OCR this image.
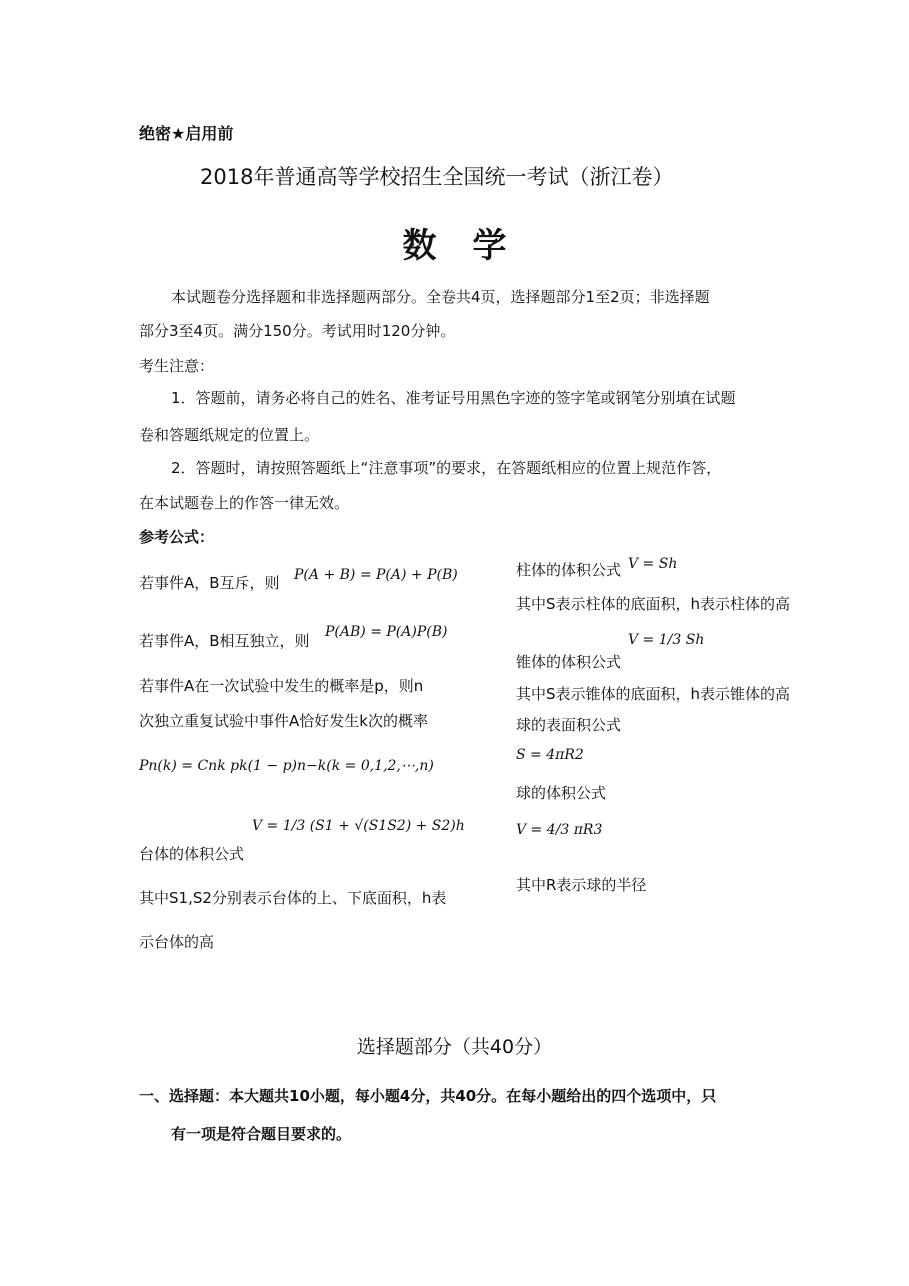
绝密★启用前
2018年普通高等学校招生全国统一考试（浙江卷）
数学
本试题卷分选择题和非选择题两部分。全卷共4页，选择题部分1至2页；非选择题
部分3至4页。满分150分。考试用时120分钟。
考生注意：
1．答题前，请务必将自己的姓名、准考证号用黑色字迹的签字笔或钢笔分别填在试题
卷和答题纸规定的位置上。
2．答题时，请按照答题纸上“注意事项”的要求，在答题纸相应的位置上规范作答，
在本试题卷上的作答一律无效。
参考公式：
若事件A，B互斥，则 P(A + B) = P(A) + P(B)
若事件A，B相互独立，则 P(AB) = P(A)P(B)
若事件A在一次试验中发生的概率是p，则n
次独立重复试验中事件A恰好发生k次的概率
Pn(k) = Cnk pk(1 − p)n−k(k = 0,1,2,⋯,n)
V = 1/3 (S1 + √(S1S2) + S2)h
台体的体积公式
其中S1,S2分别表示台体的上、下底面积，h表
示台体的高
柱体的体积公式 V = Sh
其中S表示柱体的底面积，h表示柱体的高
V = 1/3 Sh
锥体的体积公式
其中S表示锥体的底面积，h表示锥体的高
球的表面积公式
S = 4πR2
球的体积公式
V = 4/3 πR3
其中R表示球的半径
选择题部分（共40分）
一、选择题：本大题共10小题，每小题4分，共40分。在每小题给出的四个选项中，只
有一项是符合题目要求的。
